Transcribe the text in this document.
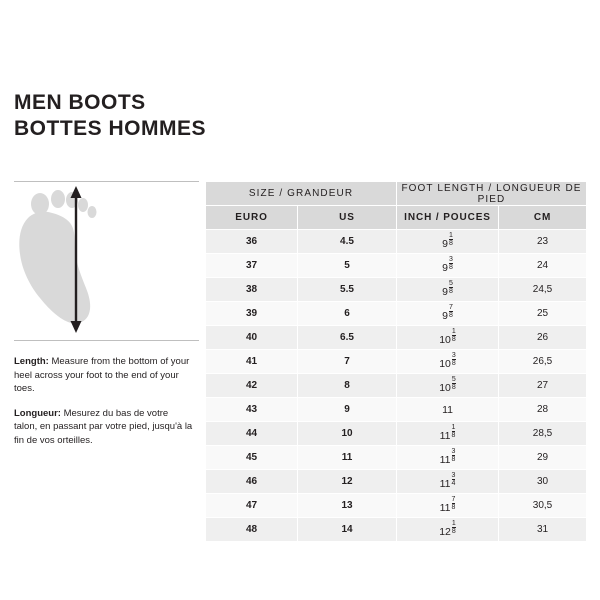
MEN BOOTS
BOTTES HOMMES

Length: Measure from the bottom of your heel across your foot to the end of your toes.

Longueur: Mesurez du bas de votre talon, en passant par votre pied, jusqu'à la fin de vos orteilles.

SIZE / GRANDEUR		FOOT LENGTH / LONGUEUR DE PIED	
EURO	US	INCH / POUCES	CM
36	4.5	$9 \frac{1}{8}$	23
37	5	$9 \frac{3}{8}$	24
38	5.5	$9 \frac{5}{8}$	24,5
39	6	$9 \frac{7}{8}$	25
40	6.5	$10 \frac{1}{8}$	26
41	7	$10 \frac{3}{8}$	26,5
42	8	$10 \frac{5}{8}$	27
43	9	11	28
44	10	$11 \frac{1}{8}$	28,5
45	11	$11 \frac{3}{8}$	29
46	12	$11 \frac{3}{4}$	30
47	13	$11 \frac{7}{8}$	30,5
48	14	$12 \frac{1}{8}$	31
